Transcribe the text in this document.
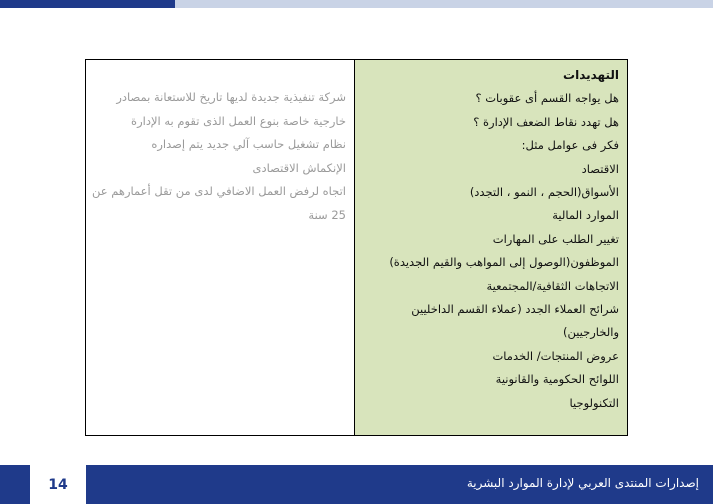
شركة تنفيذية جديدة لديها تاريخ للاستعانة بمصادر
خارجية خاصة بنوع العمل الذى تقوم به الإدارة
نظام تشغيل حاسب آلي جديد يتم إصداره
الإنكماش الاقتصادى
اتجاه لرفض العمل الاضافي لدى من تقل أعمارهم عن
25 سنة
التهديدات
هل يواجه القسم أى عقوبات ؟
هل تهدد نقاط الضعف الإدارة ؟
فكر فى عوامل مثل:
الاقتصاد
الأسواق(الحجم ، النمو ، التجدد)
الموارد المالية
تغيير الطلب على المهارات
الموظفون(الوصول إلى المواهب والقيم الجديدة)
الاتجاهات الثقافية/المجتمعية
شرائح العملاء الجدد (عملاء القسم الداخليين
والخارجيين)
عروض المنتجات/ الخدمات
اللوائح الحكومية والقانونية
التكنولوجيا
14	إصدارات المنتدى العربي لإدارة الموارد البشرية
